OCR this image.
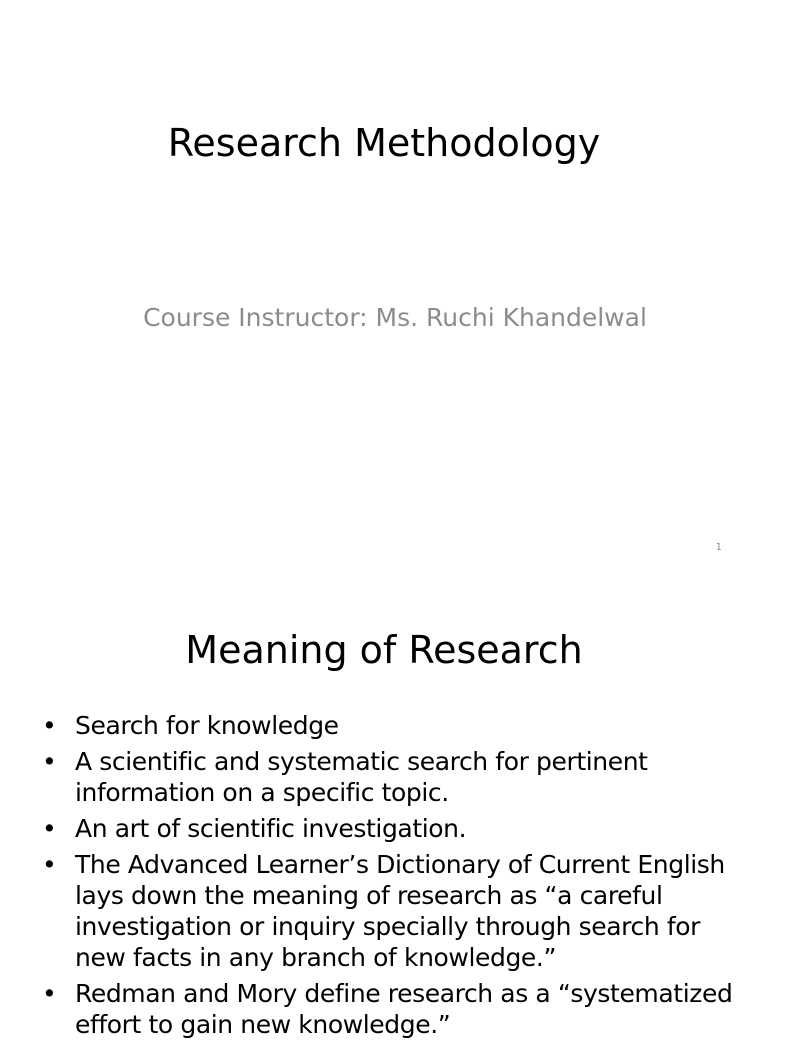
Research Methodology
Course Instructor: Ms. Ruchi Khandelwal
1
Meaning of Research
• Search for knowledge
• A scientific and systematic search for pertinent information on a specific topic.
• An art of scientific investigation.
• The Advanced Learner’s Dictionary of Current English lays down the meaning of research as “a careful investigation or inquiry specially through search for new facts in any branch of knowledge.”
• Redman and Mory define research as a “systematized effort to gain new knowledge.”
